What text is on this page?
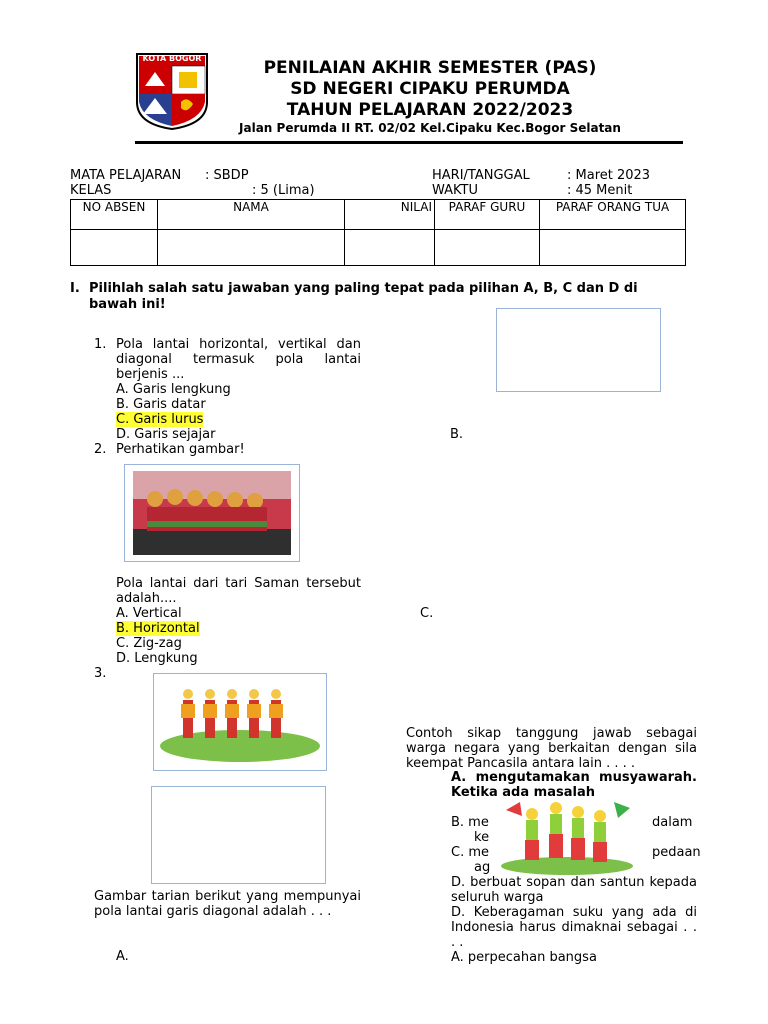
KOTA BOGOR	PENILAIAN AKHIR SEMESTER (PAS)
SD NEGERI CIPAKU PERUMDA
TAHUN PELAJARAN 2022/2023
Jalan Perumda II RT. 02/02 Kel.Cipaku Kec.Bogor Selatan
MATA PELAJARAN : SBDP
KELAS	: 5 (Lima)
HARI/TANGGAL	: Maret 2023
WAKTU	: 45 Menit
NO ABSEN	NAMA	NILAI	PARAF GURU	PARAF ORANG TUA

I. Pilihlah salah satu jawaban yang paling tepat pada pilihan A, B, C dan D di bawah ini!
1. Pola lantai horizontal, vertikal dan diagonal termasuk pola lantai berjenis ...
A. Garis lengkung
B. Garis datar
C. Garis lurus
D. Garis sejajar	B.
2. Perhatikan gambar!
Pola lantai dari tari Saman tersebut adalah....
A. Vertical
B. Horizontal
C. Zig-zag
D. Lengkung
C.
3.
Gambar tarian berikut yang mempunyai pola lantai garis diagonal adalah . . .
A.
Contoh sikap tanggung jawab sebagai warga negara yang berkaitan dengan sila keempat Pancasila antara lain . . . .
A. mengutamakan musyawarah. Ketika ada masalah
B. me	dalam
ke
C. me	pedaan
ag
D. berbuat sopan dan santun kepada seluruh warga
D. Keberagaman suku yang ada di Indonesia harus dimaknai sebagai . . . .
A. perpecahan bangsa
